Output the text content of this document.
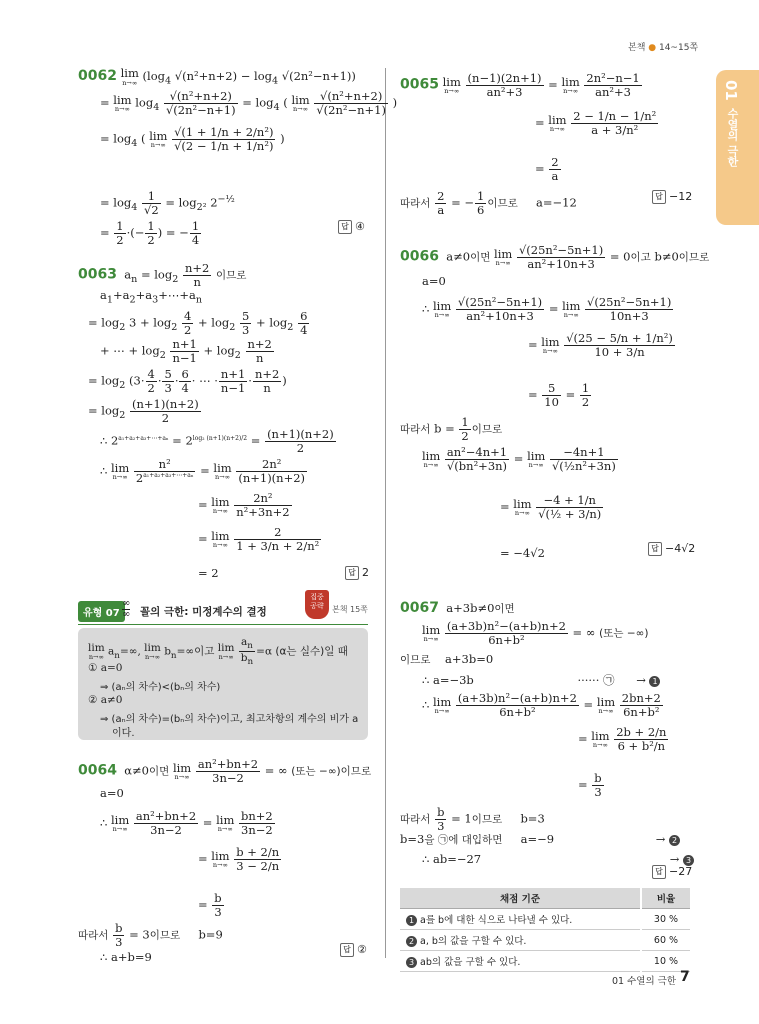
본책 ● 14~15쪽
01
수열의 극한
0062 lim
n→∞ ($\log_4$ $√(n^2+n+2) - \log_4 √(2n^2-n+1)$)
= lim
n→∞ $\log_4 \frac{\text{√(n²+n+2)}}{\text{√(2n²−n+1)}} = \log_4$ ( lim
n→∞
$\frac{\text{√(n²+n+2)}}{\text{√(2n²−n+1)}}$ )
= $\log_4$ ( lim
n→∞
$\frac{\text{√(1 + 1/n + 2/n²)}}{\text{√(2 − 1/n + 1/n²)}}$ )
= $\log_4 \frac{1}{√2} = \log_{2^2} 2^{-\frac{1}{2}}$
= $\frac{1}{2}$ ·(− $\frac{1}{2}$ ) = − $\frac{1}{4}$	답 ④
0063  $a_n = \log_2 \frac{n+2}{n}$ 이므로
$a_1+a_2+a_3+\cdots+a_n$
= $\log_2 3 + \log_2 \frac{4}{2} + \log_2 \frac{5}{3} + \log_2 \frac{6}{4}$
+ ⋯ + $\log_2 \frac{n+1}{n-1} + \log_2 \frac{n+2}{n}$
= $\log_2 (3\cdot \frac{4}{2} \cdot \frac{5}{3} \cdot \frac{6}{4}$ · ⋯ · $\frac{n+1}{n-1} \cdot \frac{n+2}{n}$ )
= $\log_2 \frac{(n+1)(n+2)}{2}$
∴ $2^{a_1+a_2+a_3+\cdots+a_n} = 2^{log_2 (n+1)(n+2)/2} = \frac{(n+1)(n+2)}{2}$
∴ lim
n→∞
$\frac{\text{n²}}{2^{a_1+a_2+a_3+\cdots+a_n}} = \lim$
n→∞
$\frac{\text{2n²}}{(n+1)(n+2)}$
= lim
n→∞
$\frac{\text{2n²}}{\text{n²+3n+2}}$
= lim
n→∞
$\frac{2}{\text{1 + 3/n + 2/n²}}$
= 2	답 2
유형 07
∞
∞ 꼴의 극한: 미정계수의 결정
집중
공략	본책 15쪽
lim
n→∞ $a_n=\infty$, lim
n→∞ $b_n=\infty$이고 lim
n→∞
$\frac{a_n}{b_n} =\alpha$ (α는 실수)일 때
① a=0
⇒ (aₙ의 차수)<(bₙ의 차수)
② a≠0
⇒ (aₙ의 차수)=(bₙ의 차수)이고, 최고차항의 계수의 비가 a
이다.
0064  α≠0이면 lim
n→∞
$\frac{\text{an²+bn+2}}{3n-2}$ = ∞ (또는 −∞)이므로
a=0
∴ lim
n→∞
$\frac{\text{an²+bn+2}}{3n-2} = \lim$
n→∞
$\frac{bn+2}{3n-2}$
= lim
n→∞
$\frac{b + 2/n}{3 - 2/n}$
= $\frac{b}{3}$
따라서 $\frac{b}{3} = 3$이므로     b=9
∴ a+b=9
답 ②
0065 lim
n→∞
$\frac{(n-1)(2n+1)}{\text{an²+3}} = \lim$
n→∞
$\frac{\text{2n²−n−1}}{\text{an²+3}}$
= lim
n→∞
$\frac{\text{2 − 1/n − 1/n²}}{\text{a + 3/n²}}$
= $\frac{2}{a}$
따라서 $\frac{2}{a}$ = − $\frac{1}{6}$ 이므로     a=−12	답 −12
0066  a≠0이면 lim
n→∞
$\frac{\text{√(25n²−5n+1)}}{\text{an²+10n+3}} = 0$이고 b≠0이므로
a=0
∴ lim
n→∞
$\frac{\text{√(25n²−5n+1)}}{\text{an²+10n+3}} = \lim$
n→∞
$\frac{\text{√(25n²−5n+1)}}{10n+3}$
= lim
n→∞
$\frac{\text{√(25 − 5/n + 1/n²)}}{10 + 3/n}$
= $\frac{5}{10} = \frac{1}{2}$
따라서 $b = \frac{1}{2}$ 이므로
lim
n→∞
$\frac{\text{an²−4n+1}}{\text{√(bn²+3n)}} = \lim$
n→∞
$\frac{-4n+1}{\text{√(½n²+3n)}}$
= lim
n→∞
$\frac{-4 + 1/n}{\text{√(½ + 3/n)}}$
= −4√2	답 −4√2
0067  a+3b≠0이면
lim
n→∞
$\frac{\text{(a+3b)n²−(a+b)n+2}}{\text{6n+b²}}$ = ∞ (또는 −∞)
이므로    a+3b=0
∴ a=−3b	······ ㉠ → 1
∴ lim
n→∞
$\frac{\text{(a+3b)n²−(a+b)n+2}}{\text{6n+b²}} = \lim$
n→∞
$\frac{2bn+2}{\text{6n+b²}}$
= lim
n→∞
$\frac{2b + 2/n}{\text{6 + b²/n}}$
= $\frac{b}{3}$
따라서 $\frac{b}{3} = 1$이므로     b=3
b=3을 ㉠에 대입하면     a=−9	→ 2
∴ ab=−27	→ 3
답 −27
채점 기준	비율
1 a를 b에 대한 식으로 나타낼 수 있다.	30 %
2 a, b의 값을 구할 수 있다.	60 %
3 ab의 값을 구할 수 있다.	10 %
01 수열의 극한 7
